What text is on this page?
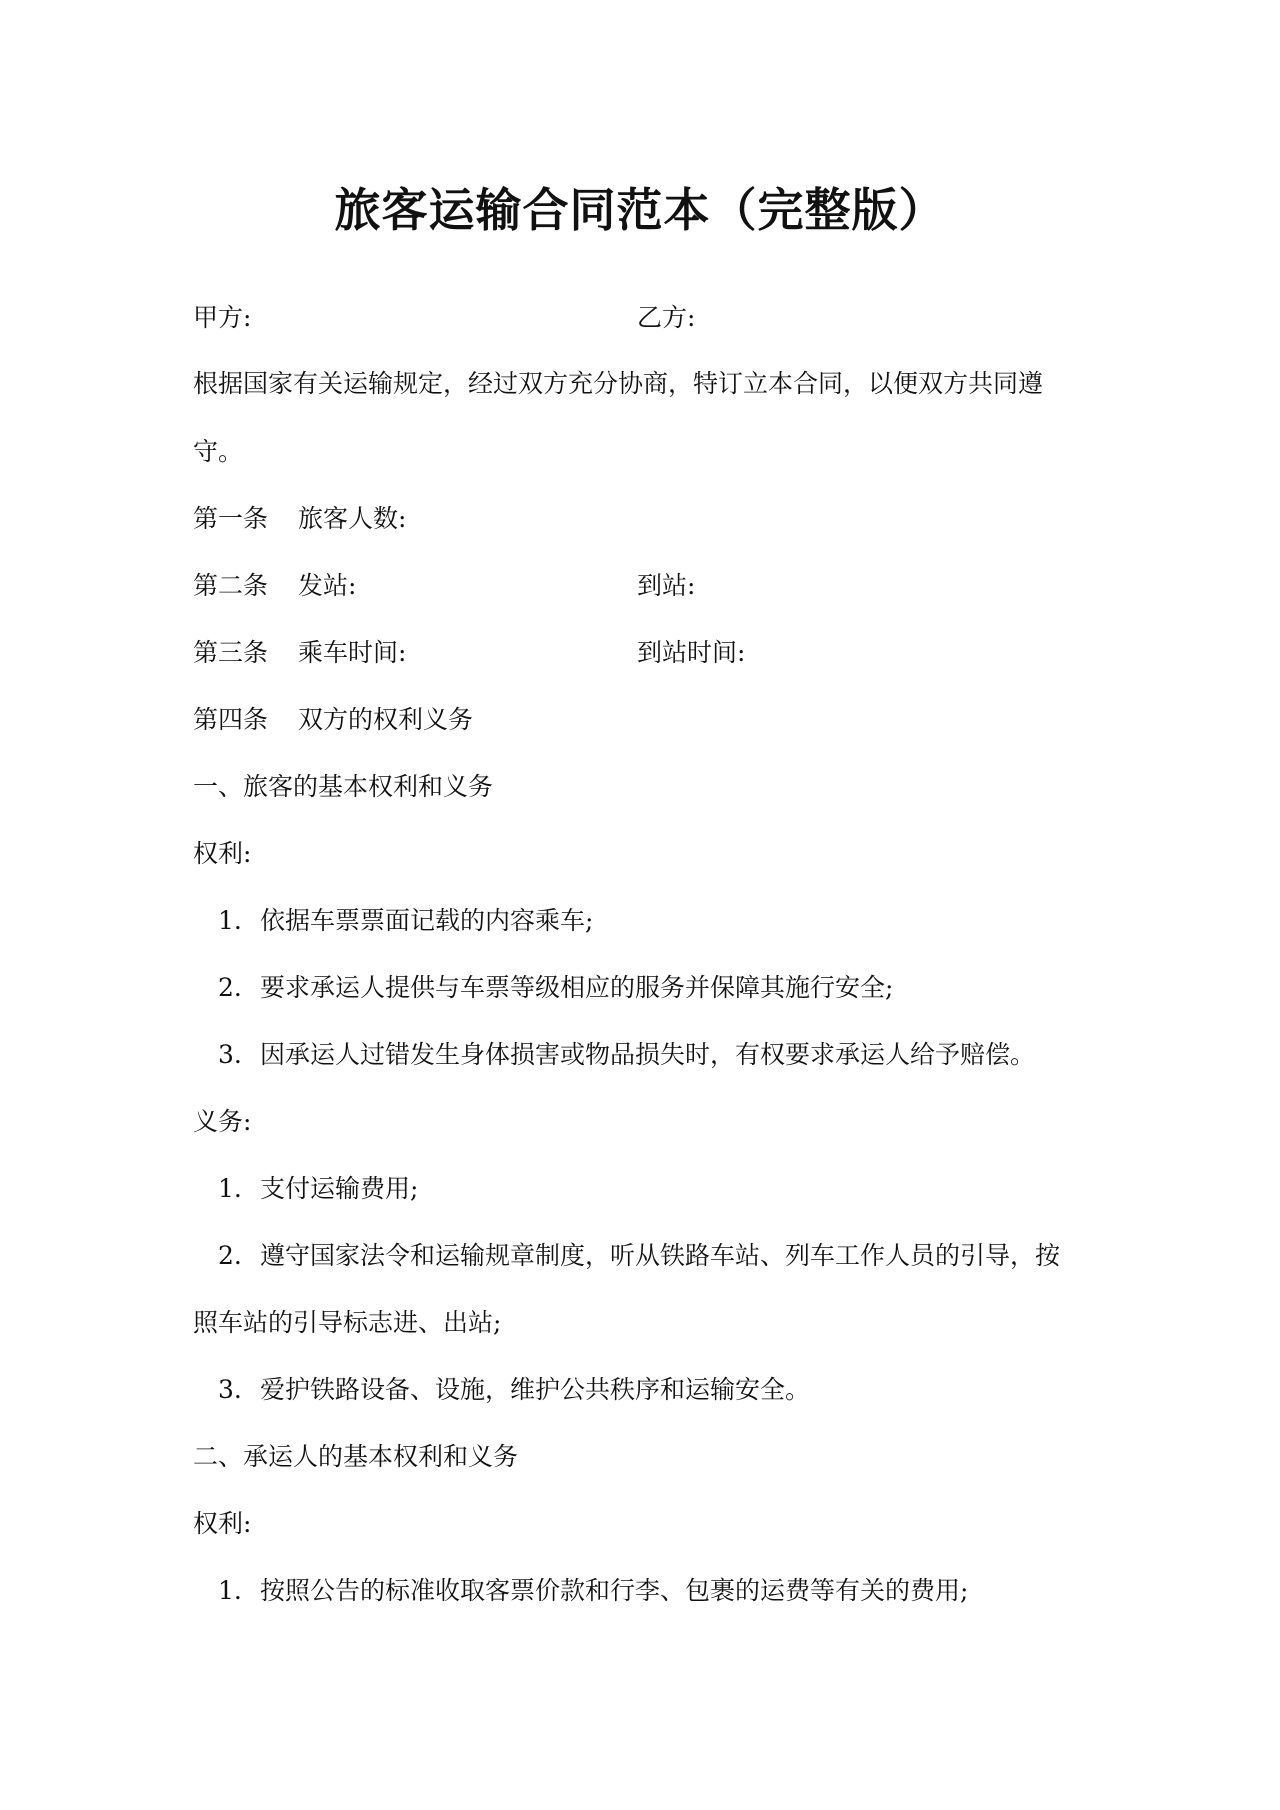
旅客运输合同范本（完整版）
甲方:	乙方:
根据国家有关运输规定，经过双方充分协商，特订立本合同，以便双方共同遵
守。
第一条 旅客人数:
第二条 发站:	到站:
第三条 乘车时间:	到站时间:
第四条 双方的权利义务
一、旅客的基本权利和义务
权利:
1. 依据车票票面记载的内容乘车;
2. 要求承运人提供与车票等级相应的服务并保障其施行安全;
3. 因承运人过错发生身体损害或物品损失时，有权要求承运人给予赔偿。
义务:
1. 支付运输费用;
2. 遵守国家法令和运输规章制度，听从铁路车站、列车工作人员的引导，按
照车站的引导标志进、出站;
3. 爱护铁路设备、设施，维护公共秩序和运输安全。
二、承运人的基本权利和义务
权利:
1. 按照公告的标准收取客票价款和行李、包裹的运费等有关的费用;
